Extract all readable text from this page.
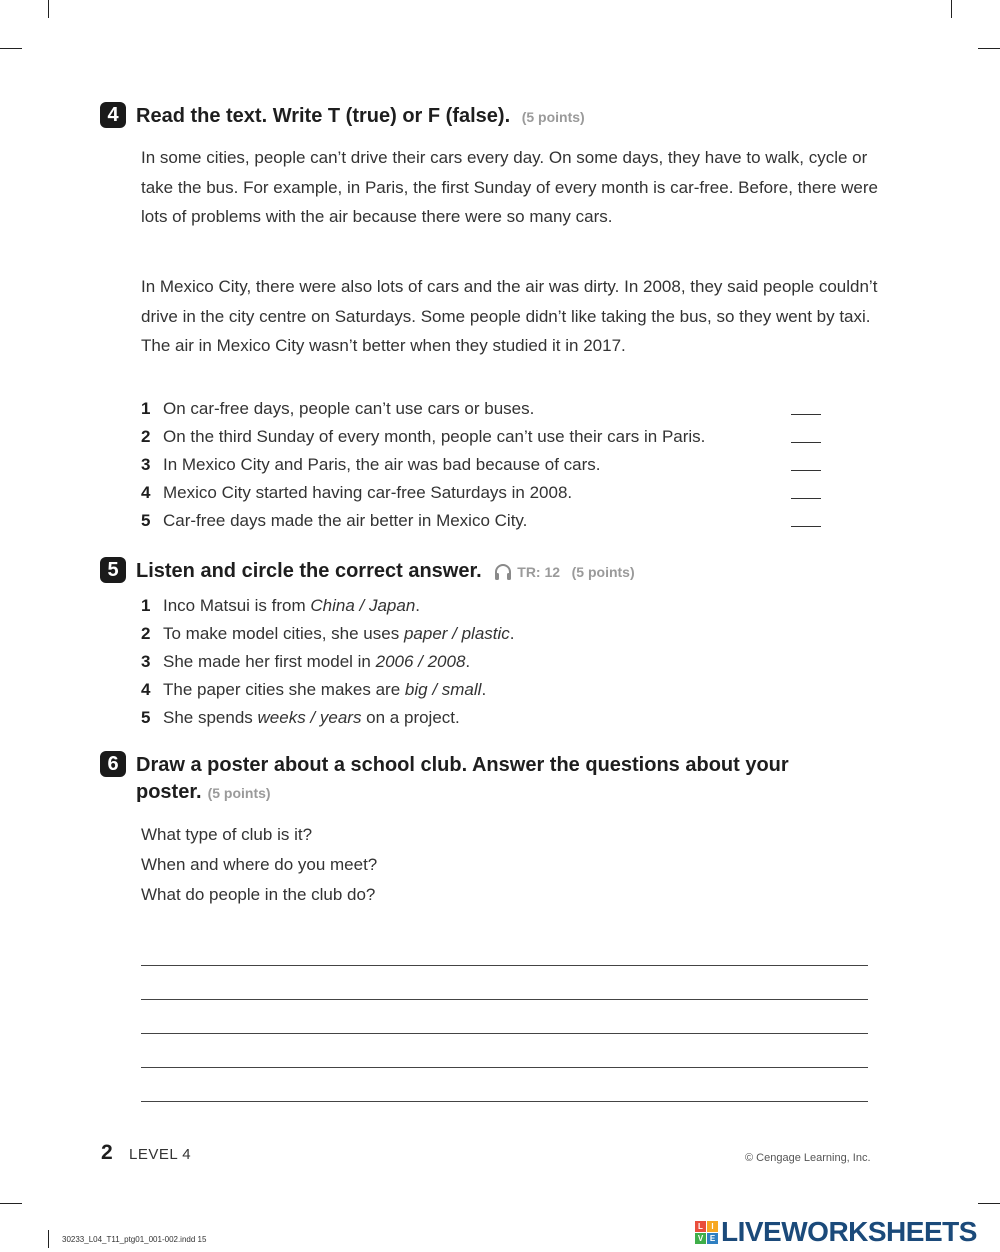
4 Read the text. Write T (true) or F (false). (5 points)

In some cities, people can’t drive their cars every day. On some days, they have to walk, cycle or take the bus. For example, in Paris, the first Sunday of every month is car-free. Before, there were lots of problems with the air because there were so many cars.

In Mexico City, there were also lots of cars and the air was dirty. In 2008, they said people couldn’t drive in the city centre on Saturdays. Some people didn’t like taking the bus, so they went by taxi. The air in Mexico City wasn’t better when they studied it in 2017.

1 On car-free days, people can’t use cars or buses.
2 On the third Sunday of every month, people can’t use their cars in Paris.
3 In Mexico City and Paris, the air was bad because of cars.
4 Mexico City started having car-free Saturdays in 2008.
5 Car-free days made the air better in Mexico City.
5 Listen and circle the correct answer.	TR: 12 (5 points)
1 Inco Matsui is from China / Japan.
2 To make model cities, she uses paper / plastic.
3 She made her first model in 2006 / 2008.
4 The paper cities she makes are big / small.
5 She spends weeks / years on a project.
6 Draw a poster about a school club. Answer the questions about your
poster. (5 points)

What type of club is it?

When and where do you meet?

What do people in the club do?

2 LEVEL 4	© Cengage Learning, Inc.
30233_L04_T11_ptg01_001-002.indd 15
L	I
V E LIVEWORKSHEETS
